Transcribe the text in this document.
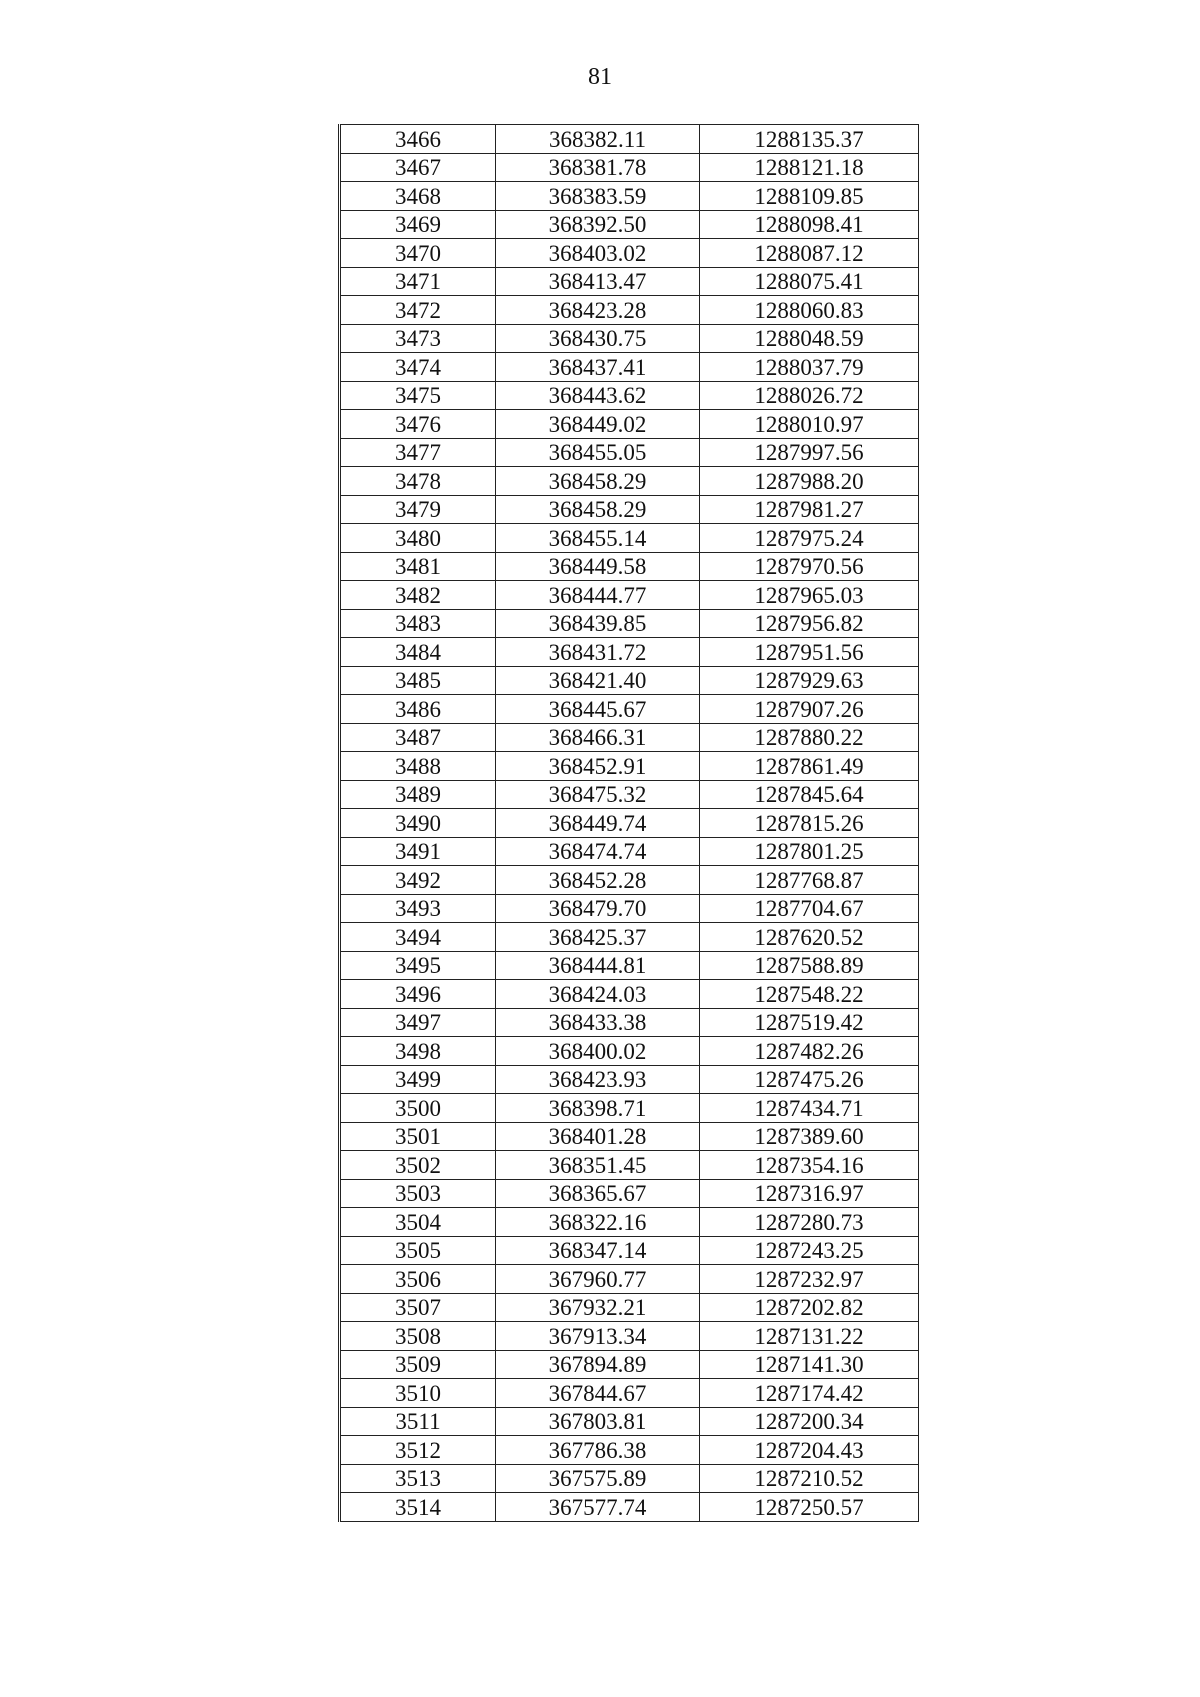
81
3466	368382.11	1288135.37
3467	368381.78	1288121.18
3468	368383.59	1288109.85
3469	368392.50	1288098.41
3470	368403.02	1288087.12
3471	368413.47	1288075.41
3472	368423.28	1288060.83
3473	368430.75	1288048.59
3474	368437.41	1288037.79
3475	368443.62	1288026.72
3476	368449.02	1288010.97
3477	368455.05	1287997.56
3478	368458.29	1287988.20
3479	368458.29	1287981.27
3480	368455.14	1287975.24
3481	368449.58	1287970.56
3482	368444.77	1287965.03
3483	368439.85	1287956.82
3484	368431.72	1287951.56
3485	368421.40	1287929.63
3486	368445.67	1287907.26
3487	368466.31	1287880.22
3488	368452.91	1287861.49
3489	368475.32	1287845.64
3490	368449.74	1287815.26
3491	368474.74	1287801.25
3492	368452.28	1287768.87
3493	368479.70	1287704.67
3494	368425.37	1287620.52
3495	368444.81	1287588.89
3496	368424.03	1287548.22
3497	368433.38	1287519.42
3498	368400.02	1287482.26
3499	368423.93	1287475.26
3500	368398.71	1287434.71
3501	368401.28	1287389.60
3502	368351.45	1287354.16
3503	368365.67	1287316.97
3504	368322.16	1287280.73
3505	368347.14	1287243.25
3506	367960.77	1287232.97
3507	367932.21	1287202.82
3508	367913.34	1287131.22
3509	367894.89	1287141.30
3510	367844.67	1287174.42
3511	367803.81	1287200.34
3512	367786.38	1287204.43
3513	367575.89	1287210.52
3514	367577.74	1287250.57
